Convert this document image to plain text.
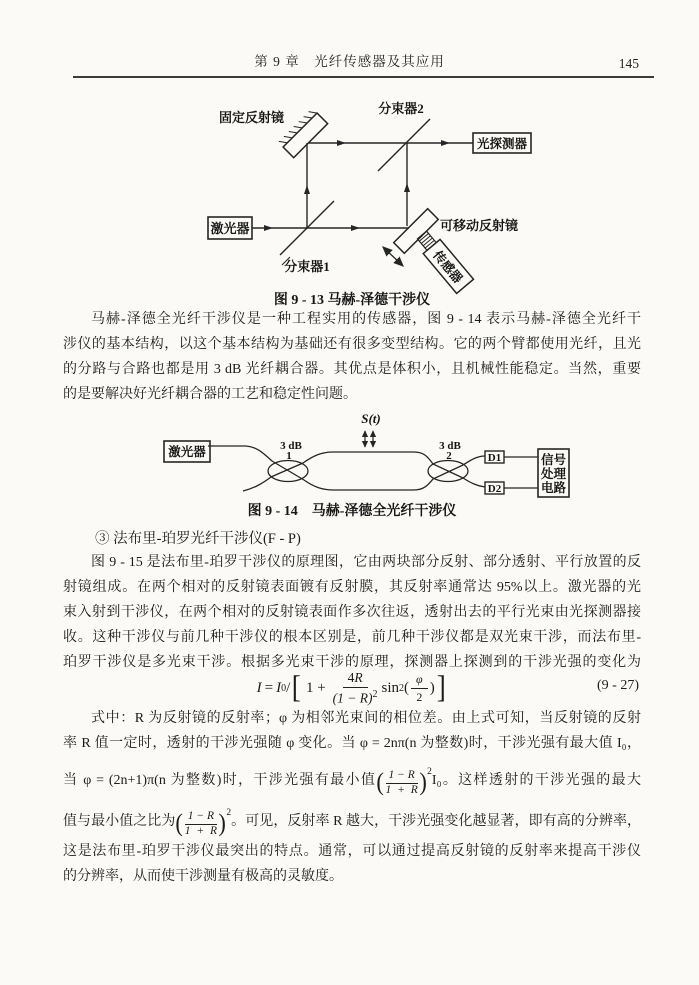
第 9 章　光纤传感器及其应用	145
激光器
分束器1
分束器2
固定反射镜
光探测器
可移动反射镜
传感器
图 9 - 13 马赫-泽德干涉仪
马赫-泽德全光纤干涉仪是一种工程实用的传感器，图 9 - 14 表示马赫-泽德全光纤干
涉仪的基本结构，以这个基本结构为基础还有很多变型结构。它的两个臂都使用光纤，且光
的分路与合路也都是用 3 dB 光纤耦合器。其优点是体积小，且机械性能稳定。当然，重要
的是要解决好光纤耦合器的工艺和稳定性问题。
3 dB
1
3 dB
2
激光器
S(t)
D1
D2
信号
处理
电路
图 9 - 14　马赫-泽德全光纤干涉仪
③ 法布里-珀罗光纤干涉仪(F - P)
图 9 - 15 是法布里-珀罗干涉仪的原理图，它由两块部分反射、部分透射、平行放置的反
射镜组成。在两个相对的反射镜表面镀有反射膜，其反射率通常达 95%以上。激光器的光
束入射到干涉仪，在两个相对的反射镜表面作多次往返，透射出去的平行光束由光探测器接
收。这种干涉仪与前几种干涉仪的根本区别是，前几种干涉仪都是双光束干涉，而法布里-
珀罗干涉仪是多光束干涉。根据多光束干涉的原理，探测器上探测到的干涉光强的变化为
I = I 0 / [ $1 + \frac{4R}{(1 - R)^2}$ sin 2 ( $\frac{\varphi}{2}$ ) ]	(9 - 27)
式中：R 为反射镜的反射率；φ 为相邻光束间的相位差。由上式可知，当反射镜的反射
率 R 值一定时，透射的干涉光强随 φ 变化。当 φ = 2nπ(n 为整数)时，干涉光强有最大值 I₀，
当 φ = (2n+1)π(n 为整数)时，干涉光强有最小值( $\frac{1 - R}{1 + R} )^2I_0$。这样透射的干涉光强的最大
值与最小值之比为( $\frac{1 - R}{1 + R} )^2$。可见，反射率 R 越大，干涉光强变化越显著，即有高的分辨率，
这是法布里-珀罗干涉仪最突出的特点。通常，可以通过提高反射镜的反射率来提高干涉仪
的分辨率，从而使干涉测量有极高的灵敏度。
